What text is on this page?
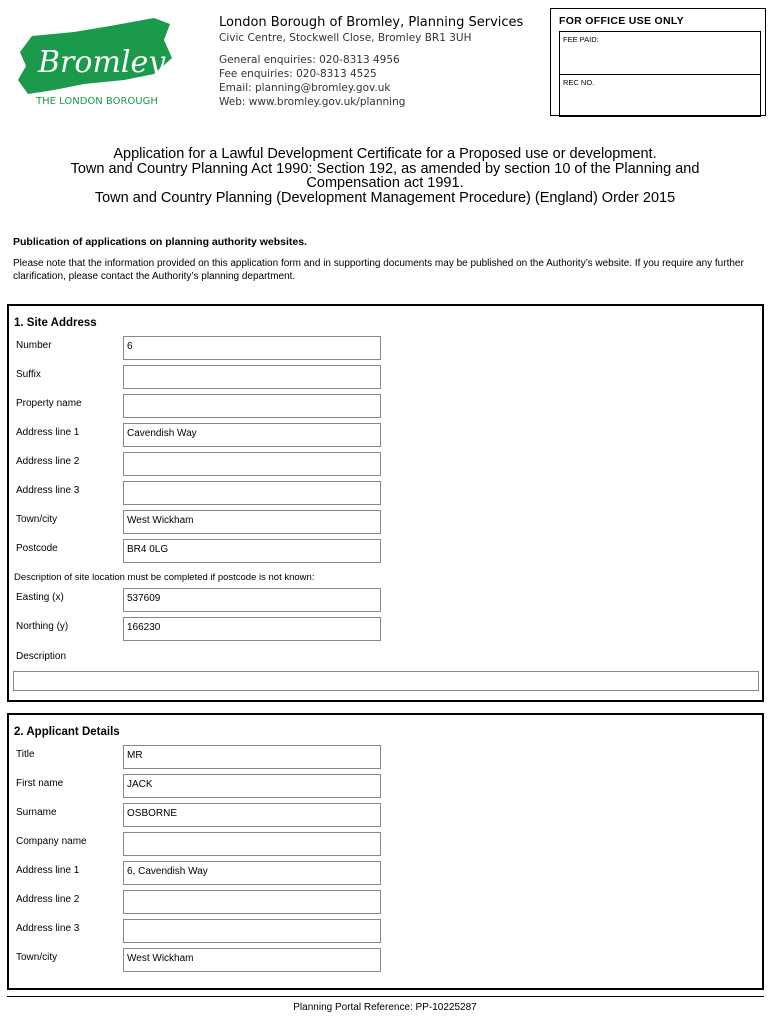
Bromley
THE LONDON BOROUGH
London Borough of Bromley, Planning Services
Civic Centre, Stockwell Close, Bromley BR1 3UH
General enquiries: 020-8313 4956
Fee enquiries: 020-8313 4525
Email: planning@bromley.gov.uk
Web: www.bromley.gov.uk/planning
FOR OFFICE USE ONLY
FEE PAID:
REC NO.
Application for a Lawful Development Certificate for a Proposed use or development.
Town and Country Planning Act 1990: Section 192, as amended by section 10 of the Planning and
Compensation act 1991.
Town and Country Planning (Development Management Procedure) (England) Order 2015
Publication of applications on planning authority websites.
Please note that the information provided on this application form and in supporting documents may be published on the Authority’s website. If you require any further clarification, please contact the Authority’s planning department.
1. Site Address
Number	6
Suffix
Property name
Address line 1	Cavendish Way
Address line 2
Address line 3
Town/city	West Wickham
Postcode	BR4 0LG
Description of site location must be completed if postcode is not known:
Easting (x)	537609
Northing (y)	166230
Description
2. Applicant Details
Title	MR
First name	JACK
Surname	OSBORNE
Company name
Address line 1	6, Cavendish Way
Address line 2
Address line 3
Town/city	West Wickham
Planning Portal Reference: PP-10225287
